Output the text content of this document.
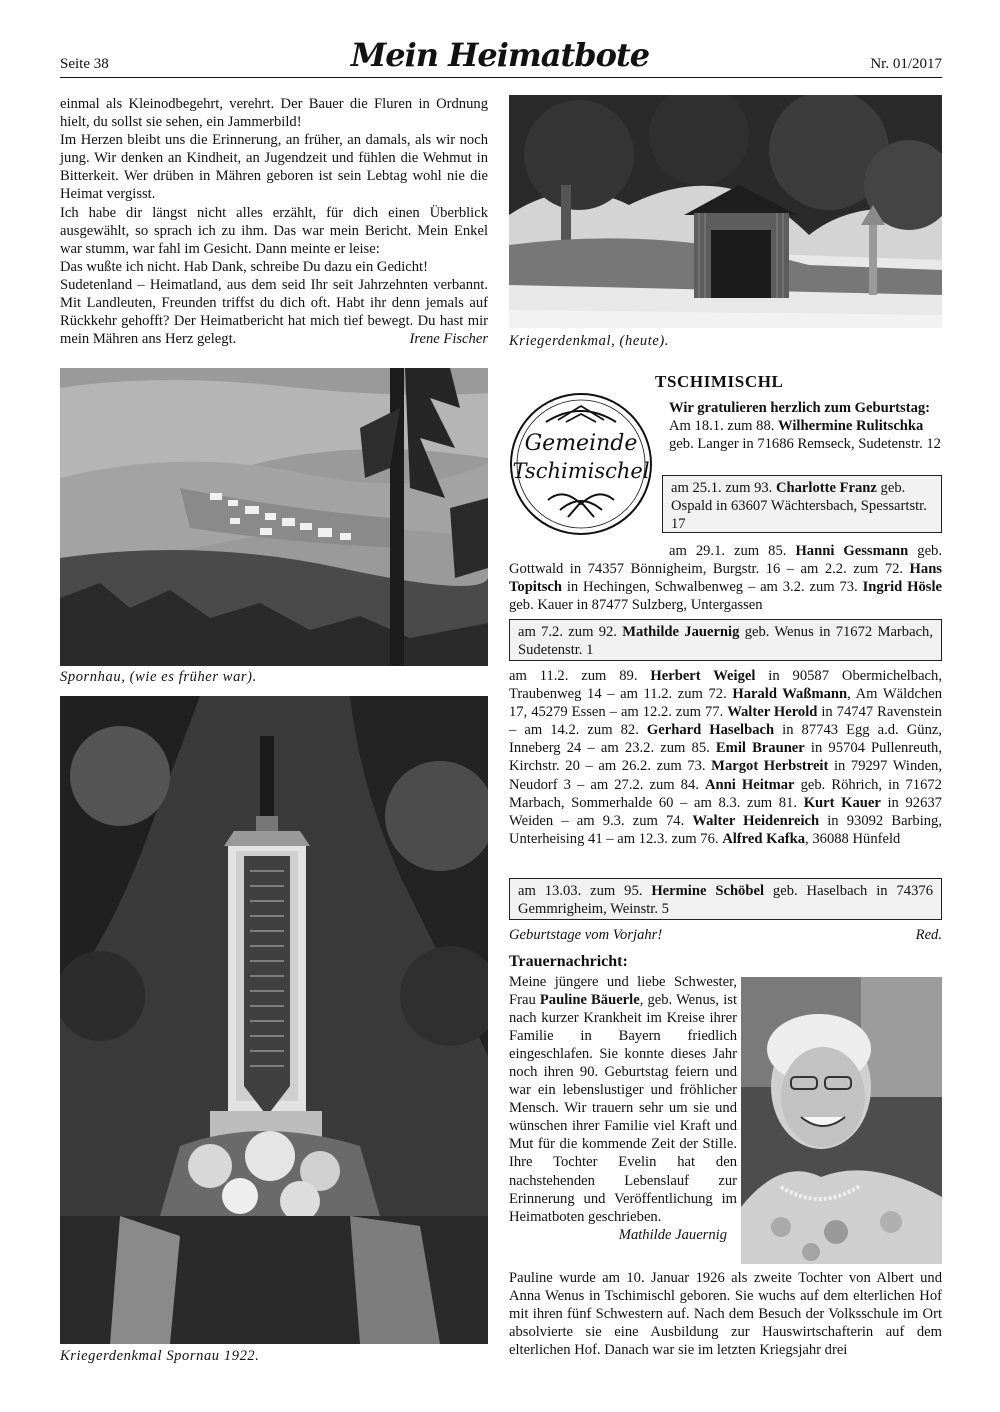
Seite 38	Mein Heimatbote	Nr. 01/2017

einmal als Kleinodbegehrt, verehrt. Der Bauer die Fluren in Ordnung hielt, du sollst sie sehen, ein Jammerbild!

Im Herzen bleibt uns die Erinnerung, an früher, an damals, als wir noch jung. Wir denken an Kindheit, an Jugendzeit und fühlen die Wehmut in Bitterkeit. Wer drüben in Mähren geboren ist sein Lebtag wohl nie die Heimat vergisst.

Ich habe dir längst nicht alles erzählt, für dich einen Überblick ausgewählt, so sprach ich zu ihm. Das war mein Bericht. Mein Enkel war stumm, war fahl im Gesicht. Dann meinte er leise:

Das wußte ich nicht. Hab Dank, schreibe Du dazu ein Gedicht!

Sudetenland – Heimatland, aus dem seid Ihr seit Jahrzehnten verbannt. Mit Landleuten, Freunden triffst du dich oft. Habt ihr denn jemals auf Rückkehr gehofft? Der Heimatbericht hat mich tief bewegt. Du hast mir mein Mähren ans Herz gelegt.	Irene Fischer

Spornhau, (wie es früher war).
Kriegerdenkmal Spornau 1922.
Kriegerdenkmal, (heute).
TSCHIMISCHL
Gemeinde
Tschimischel

Wir gratulieren herzlich zum Geburtstag:

Am 18.1. zum 88. Wilhermine Rulitschka geb. Langer in 71686 Remseck, Sudetenstr. 12

am 25.1. zum 93. Charlotte Franz geb. Ospald in 63607 Wächtersbach, Spessartstr. 17

am 29.1. zum 85. Hanni Gessmann geb. Gottwald in 74357 Bönnigheim, Burgstr. 16 – am 2.2. zum 72. Hans Topitsch in Hechingen, Schwalbenweg – am 3.2. zum 73. Ingrid Hösle geb. Kauer in 87477 Sulzberg, Untergassen

am 7.2. zum 92. Mathilde Jauernig geb. Wenus in 71672 Marbach, Sudetenstr. 1

am 11.2. zum 89. Herbert Weigel in 90587 Obermichelbach, Traubenweg 14 – am 11.2. zum 72. Harald Waßmann, Am Wäldchen 17, 45279 Essen – am 12.2. zum 77. Walter Herold in 74747 Ravenstein – am 14.2. zum 82. Gerhard Haselbach in 87743 Egg a.d. Günz, Inneberg 24 – am 23.2. zum 85. Emil Brauner in 95704 Pullenreuth, Kirchstr. 20 – am 26.2. zum 73. Margot Herbstreit in 79297 Winden, Neudorf 3 – am 27.2. zum 84. Anni Heitmar geb. Röhrich, in 71672 Marbach, Sommerhalde 60 – am 8.3. zum 81. Kurt Kauer in 92637 Weiden – am 9.3. zum 74. Walter Heidenreich in 93092 Barbing, Unterheising 41 – am 12.3. zum 76. Alfred Kafka, 36088 Hünfeld

am 13.03. zum 95. Hermine Schöbel geb. Haselbach in 74376 Gemmrigheim, Weinstr. 5
Geburtstage vom Vorjahr!	Red.
Trauernachricht:

Meine jüngere und liebe Schwester, Frau Pauline Bäuerle, geb. Wenus, ist nach kurzer Krankheit im Kreise ihrer Familie in Bayern friedlich eingeschlafen. Sie konnte dieses Jahr noch ihren 90. Geburtstag feiern und war ein lebenslustiger und fröhlicher Mensch. Wir trauern sehr um sie und wünschen ihrer Familie viel Kraft und Mut für die kommende Zeit der Stille. Ihre Tochter Evelin hat den nachstehenden Lebenslauf zur Erinnerung und Veröffentlichung im Heimatboten geschrieben.

Mathilde Jauernig

Pauline wurde am 10. Januar 1926 als zweite Tochter von Albert und Anna Wenus in Tschimischl geboren. Sie wuchs auf dem elterlichen Hof mit ihren fünf Schwestern auf. Nach dem Besuch der Volksschule im Ort absolvierte sie eine Ausbildung zur Hauswirtschafterin auf dem elterlichen Hof. Danach war sie im letzten Kriegsjahr drei
